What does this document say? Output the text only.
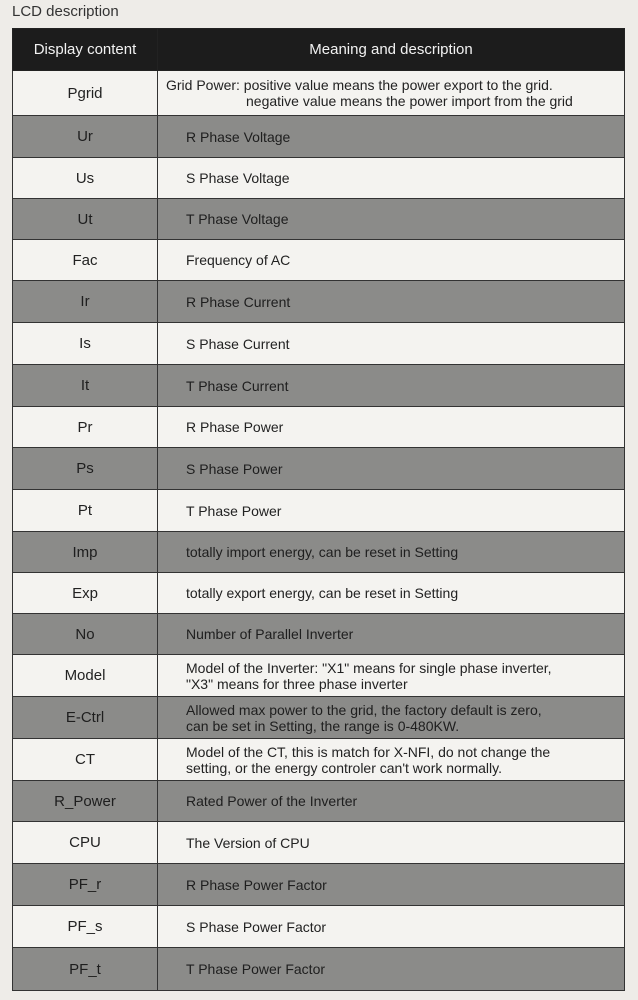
LCD description
Display content	Meaning and description
Pgrid	Grid Power: positive value means the power export to the grid.
negative value means the power import from the grid

Ur	R Phase Voltage

Us	S Phase Voltage

Ut	T Phase Voltage

Fac	Frequency of AC

Ir	R Phase Current

Is	S Phase Current

It	T Phase Current

Pr	R Phase Power

Ps	S Phase Power

Pt	T Phase Power

Imp	totally import energy, can be reset in Setting

Exp	totally export energy, can be reset in Setting

No	Number of Parallel Inverter

Model	Model of the Inverter: "X1" means for single phase inverter,
"X3" means for three phase inverter

E-Ctrl	Allowed max power to the grid, the factory default is zero,
can be set in Setting, the range is 0-480KW.

CT	Model of the CT, this is match for X-NFI, do not change the
setting, or the energy controler can't work normally.

R_Power	Rated Power of the Inverter

CPU	The Version of CPU

PF_r	R Phase Power Factor

PF_s	S Phase Power Factor

PF_t	T Phase Power Factor
